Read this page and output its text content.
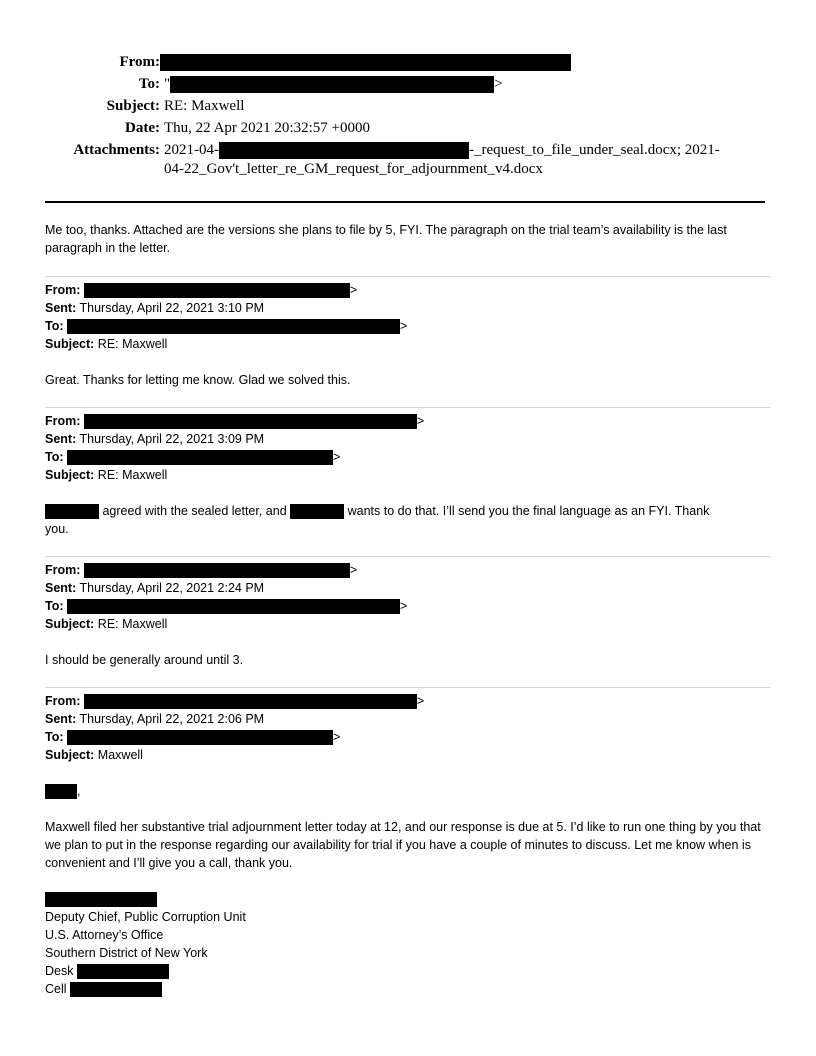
From:
To: "	>
Subject: RE: Maxwell
Date: Thu, 22 Apr 2021 20:32:57 +0000
Attachments: 2021-04-	-_request_to_file_under_seal.docx; 2021-
04-22_Gov't_letter_re_GM_request_for_adjournment_v4.docx
Me too, thanks. Attached are the versions she plans to file by 5, FYI. The paragraph on the trial team’s availability is the last paragraph in the letter.
From:	>
Sent: Thursday, April 22, 2021 3:10 PM
To:	>
Subject: RE: Maxwell
Great. Thanks for letting me know. Glad we solved this.
From:	>
Sent: Thursday, April 22, 2021 3:09 PM
To:	>
Subject: RE: Maxwell
agreed with the sealed letter, and	wants to do that. I’ll send you the final language as an FYI. Thank
you.
From:	>
Sent: Thursday, April 22, 2021 2:24 PM
To:	>
Subject: RE: Maxwell
I should be generally around until 3.
From:	>
Sent: Thursday, April 22, 2021 2:06 PM
To:	>
Subject: Maxwell
,
Maxwell filed her substantive trial adjournment letter today at 12, and our response is due at 5. I’d like to run one thing by you that we plan to put in the response regarding our availability for trial if you have a couple of minutes to discuss. Let me know when is convenient and I’ll give you a call, thank you.
Deputy Chief, Public Corruption Unit
U.S. Attorney’s Office
Southern District of New York
Desk
Cell
